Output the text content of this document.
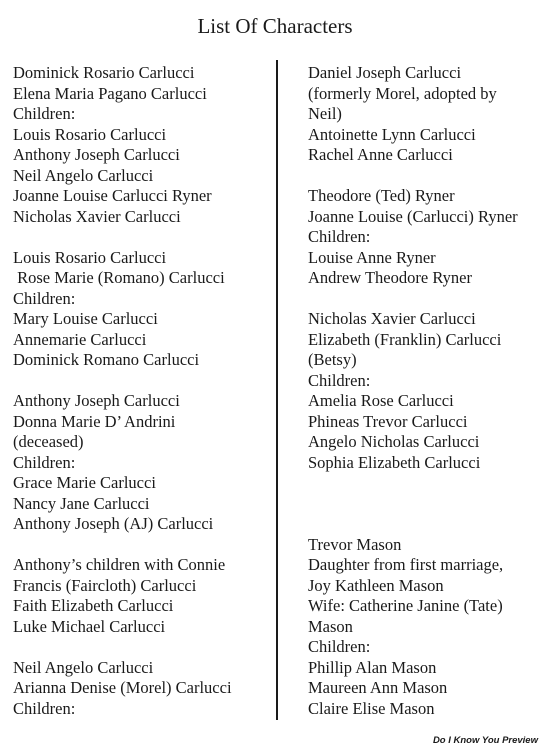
List Of Characters
Dominick Rosario Carlucci
Elena Maria Pagano Carlucci
Children:
Louis Rosario Carlucci
Anthony Joseph Carlucci
Neil Angelo Carlucci
Joanne Louise Carlucci Ryner
Nicholas Xavier Carlucci
Louis Rosario Carlucci
Rose Marie (Romano) Carlucci
Children:
Mary Louise Carlucci
Annemarie Carlucci
Dominick Romano Carlucci
Anthony Joseph Carlucci
Donna Marie D’ Andrini
(deceased)
Children:
Grace Marie Carlucci
Nancy Jane Carlucci
Anthony Joseph (AJ) Carlucci
Anthony’s children with Connie
Francis (Faircloth) Carlucci
Faith Elizabeth Carlucci
Luke Michael Carlucci
Neil Angelo Carlucci
Arianna Denise (Morel) Carlucci
Children:
Daniel Joseph Carlucci
(formerly Morel, adopted by
Neil)
Antoinette Lynn Carlucci
Rachel Anne Carlucci
Theodore (Ted) Ryner
Joanne Louise (Carlucci) Ryner
Children:
Louise Anne Ryner
Andrew Theodore Ryner
Nicholas Xavier Carlucci
Elizabeth (Franklin) Carlucci
(Betsy)
Children:
Amelia Rose Carlucci
Phineas Trevor Carlucci
Angelo Nicholas Carlucci
Sophia Elizabeth Carlucci
Trevor Mason
Daughter from first marriage,
Joy Kathleen Mason
Wife: Catherine Janine (Tate)
Mason
Children:
Phillip Alan Mason
Maureen Ann Mason
Claire Elise Mason
Do I Know You Preview
